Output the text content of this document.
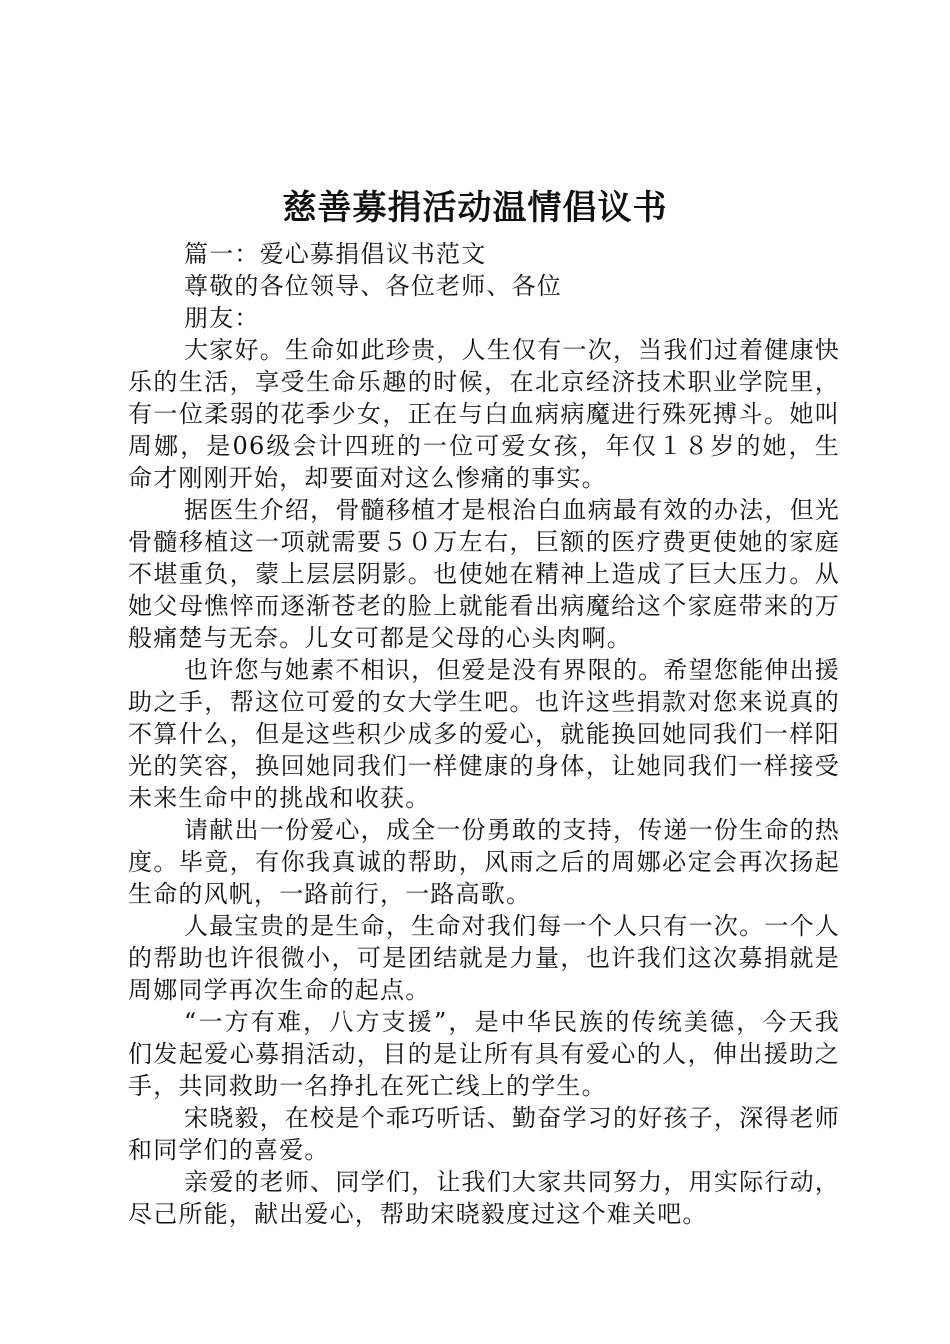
慈善募捐活动温情倡议书

篇一：爱心募捐倡议书范文

尊敬的各位领导、各位老师、各位

朋友：

大家好。生命如此珍贵，人生仅有一次，当我们过着健康快乐的生活，享受生命乐趣的时候，在北京经济技术职业学院里，有一位柔弱的花季少女，正在与白血病病魔进行殊死搏斗。她叫周娜，是06级会计四班的一位可爱女孩，年仅１８岁的她，生命才刚刚开始，却要面对这么惨痛的事实。

据医生介绍，骨髓移植才是根治白血病最有效的办法，但光骨髓移植这一项就需要５０万左右，巨额的医疗费更使她的家庭不堪重负，蒙上层层阴影。也使她在精神上造成了巨大压力。从她父母憔悴而逐渐苍老的脸上就能看出病魔给这个家庭带来的万般痛楚与无奈。儿女可都是父母的心头肉啊。

也许您与她素不相识，但爱是没有界限的。希望您能伸出援助之手，帮这位可爱的女大学生吧。也许这些捐款对您来说真的不算什么，但是这些积少成多的爱心，就能换回她同我们一样阳光的笑容，换回她同我们一样健康的身体，让她同我们一样接受未来生命中的挑战和收获。

请献出一份爱心，成全一份勇敢的支持，传递一份生命的热度。毕竟，有你我真诚的帮助，风雨之后的周娜必定会再次扬起生命的风帆，一路前行，一路高歌。

人最宝贵的是生命，生命对我们每一个人只有一次。一个人的帮助也许很微小，可是团结就是力量，也许我们这次募捐就是周娜同学再次生命的起点。

“一方有难，八方支援”，是中华民族的传统美德，今天我们发起爱心募捐活动，目的是让所有具有爱心的人，伸出援助之手，共同救助一名挣扎在死亡线上的学生。

宋晓毅，在校是个乖巧听话、勤奋学习的好孩子，深得老师和同学们的喜爱。

亲爱的老师、同学们，让我们大家共同努力，用实际行动，尽己所能，献出爱心，帮助宋晓毅度过这个难关吧。
